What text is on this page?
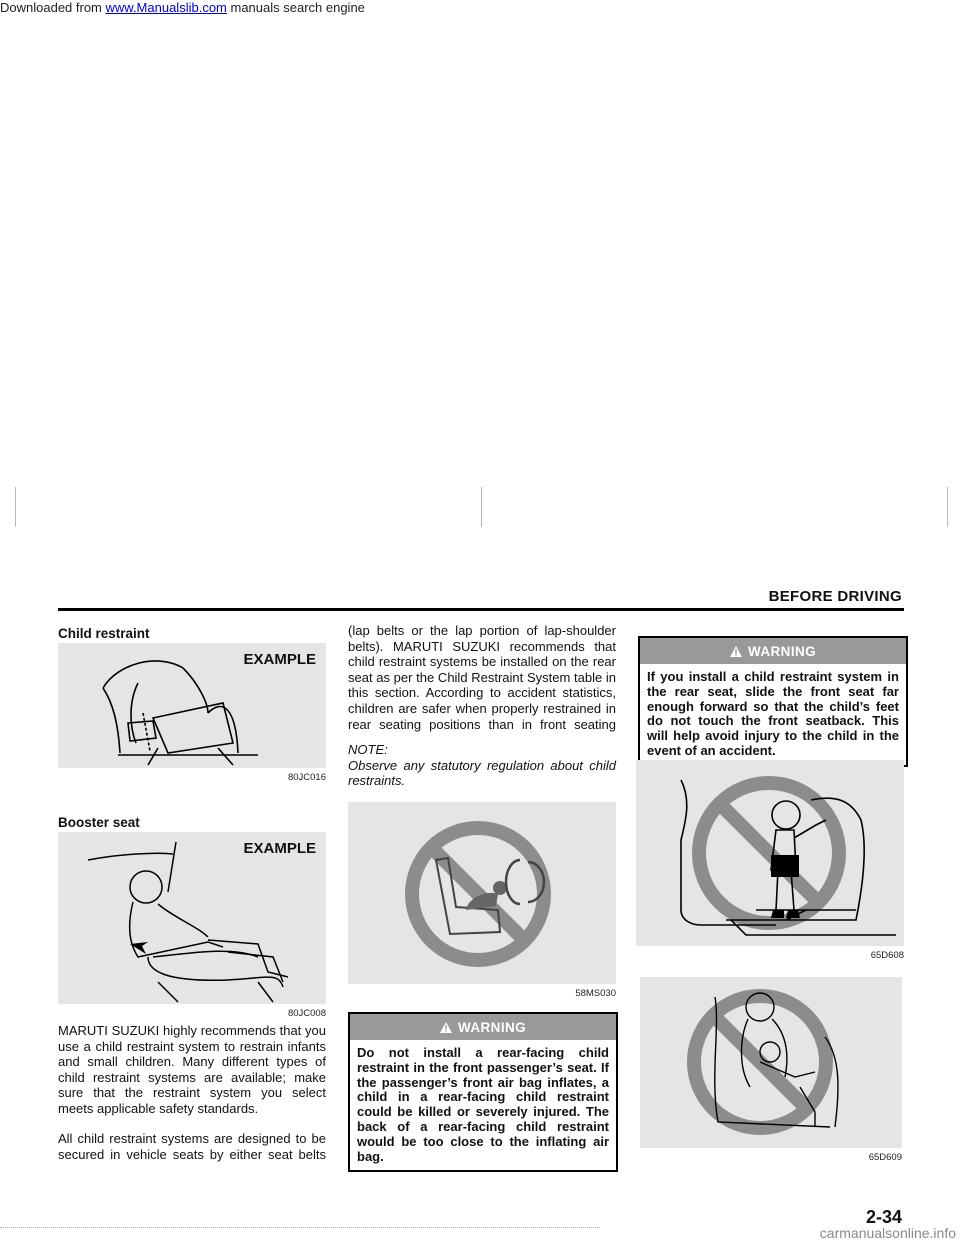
Downloaded from www.Manualslib.com manuals search engine
BEFORE DRIVING
Child restraint
EXAMPLE
80JC016
Booster seat
EXAMPLE
80JC008

MARUTI SUZUKI highly recommends that you use a child restraint system to restrain infants and small children. Many different types of child restraint systems are available; make sure that the restraint system you select meets applicable safety standards.

All child restraint systems are designed to be secured in vehicle seats by either seat belts

(lap belts or the lap portion of lap-shoulder belts). MARUTI SUZUKI recommends that child restraint systems be installed on the rear seat as per the Child Restraint System table in this section. According to accident statistics, children are safer when properly restrained in rear seating positions than in front seating

NOTE:
Observe any statutory regulation about child restraints.
58MS030
WARNING
Do not install a rear-facing child restraint in the front passenger’s seat. If the passenger’s front air bag inflates, a child in a rear-facing child restraint could be killed or severely injured. The back of a rear-facing child restraint would be too close to the inflating air bag.
WARNING
If you install a child restraint system in the rear seat, slide the front seat far enough forward so that the child’s feet do not touch the front seatback. This will help avoid injury to the child in the event of an accident.
65D608
65D609
2-34
carmanualsonline.info
